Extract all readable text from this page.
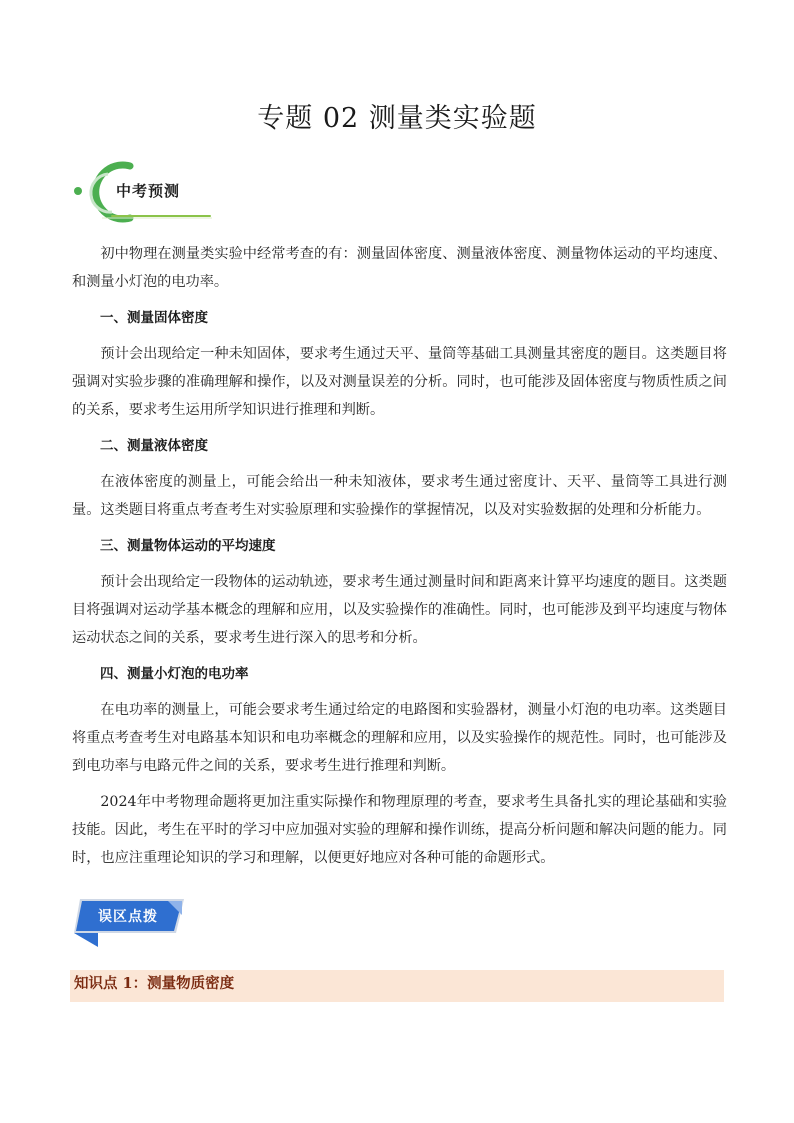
专题 02 测量类实验题
中考预测

初中物理在测量类实验中经常考查的有：测量固体密度、测量液体密度、测量物体运动的平均速度、和测量小灯泡的电功率。

一、测量固体密度

预计会出现给定一种未知固体，要求考生通过天平、量筒等基础工具测量其密度的题目。这类题目将强调对实验步骤的准确理解和操作，以及对测量误差的分析。同时，也可能涉及固体密度与物质性质之间的关系，要求考生运用所学知识进行推理和判断。

二、测量液体密度

在液体密度的测量上，可能会给出一种未知液体，要求考生通过密度计、天平、量筒等工具进行测量。这类题目将重点考查考生对实验原理和实验操作的掌握情况，以及对实验数据的处理和分析能力。

三、测量物体运动的平均速度

预计会出现给定一段物体的运动轨迹，要求考生通过测量时间和距离来计算平均速度的题目。这类题目将强调对运动学基本概念的理解和应用，以及实验操作的准确性。同时，也可能涉及到平均速度与物体运动状态之间的关系，要求考生进行深入的思考和分析。

四、测量小灯泡的电功率

在电功率的测量上，可能会要求考生通过给定的电路图和实验器材，测量小灯泡的电功率。这类题目将重点考查考生对电路基本知识和电功率概念的理解和应用，以及实验操作的规范性。同时，也可能涉及到电功率与电路元件之间的关系，要求考生进行推理和判断。

2024年中考物理命题将更加注重实际操作和物理原理的考查，要求考生具备扎实的理论基础和实验技能。因此，考生在平时的学习中应加强对实验的理解和操作训练，提高分析问题和解决问题的能力。同时，也应注重理论知识的学习和理解，以便更好地应对各种可能的命题形式。

误区点拨
知识点 1：测量物质密度
